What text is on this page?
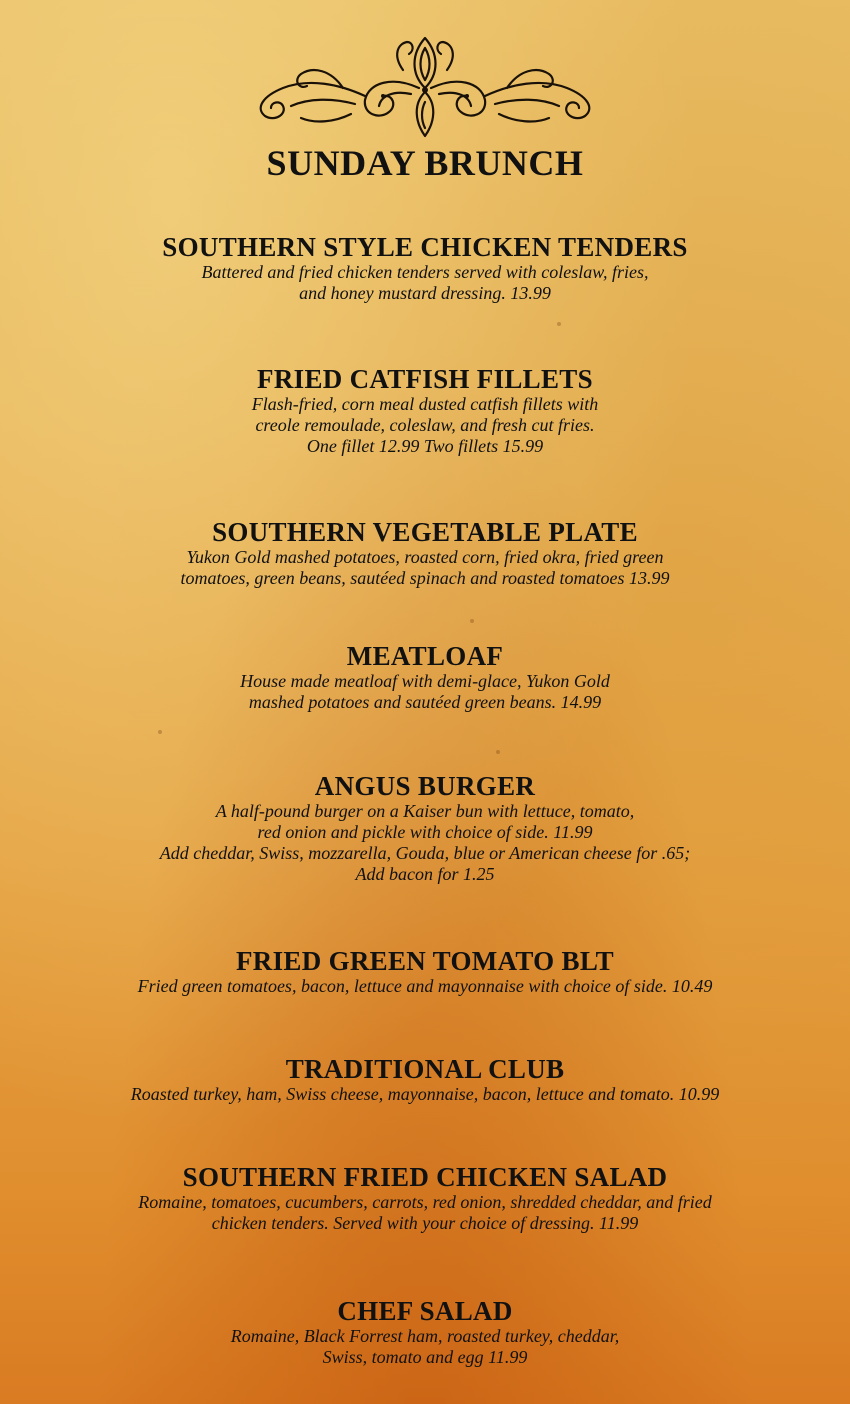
SUNDAY BRUNCH
SOUTHERN STYLE CHICKEN TENDERS

Battered and fried chicken tenders served with coleslaw, fries,

and honey mustard dressing. 13.99

FRIED CATFISH FILLETS

Flash-fried, corn meal dusted catfish fillets with

creole remoulade, coleslaw, and fresh cut fries.

One fillet 12.99 Two fillets 15.99

SOUTHERN VEGETABLE PLATE

Yukon Gold mashed potatoes, roasted corn, fried okra, fried green

tomatoes, green beans, sautéed spinach and roasted tomatoes 13.99

MEATLOAF

House made meatloaf with demi-glace, Yukon Gold

mashed potatoes and sautéed green beans. 14.99

ANGUS BURGER

A half-pound burger on a Kaiser bun with lettuce, tomato,

red onion and pickle with choice of side. 11.99

Add cheddar, Swiss, mozzarella, Gouda, blue or American cheese for .65;

Add bacon for 1.25

FRIED GREEN TOMATO BLT

Fried green tomatoes, bacon, lettuce and mayonnaise with choice of side. 10.49

TRADITIONAL CLUB

Roasted turkey, ham, Swiss cheese, mayonnaise, bacon, lettuce and tomato. 10.99

SOUTHERN FRIED CHICKEN SALAD

Romaine, tomatoes, cucumbers, carrots, red onion, shredded cheddar, and fried

chicken tenders. Served with your choice of dressing. 11.99

CHEF SALAD

Romaine, Black Forrest ham, roasted turkey, cheddar,

Swiss, tomato and egg 11.99
